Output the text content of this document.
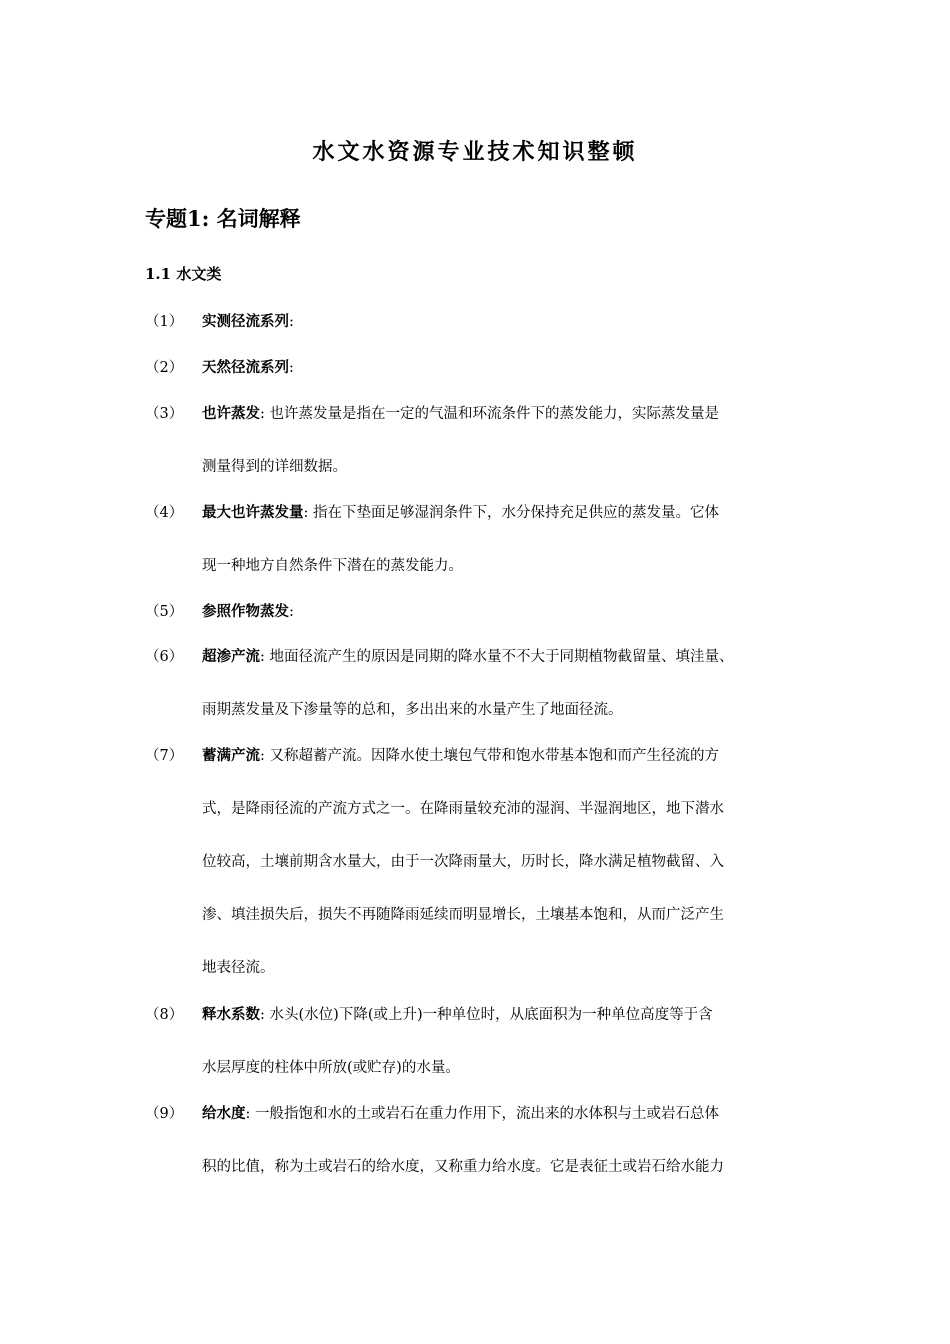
水文水资源专业技术知识整顿
专题1: 名词解释
1.1 水文类
（1）	实测径流系列:
（2）	天然径流系列:
（3）	也许蒸发: 也许蒸发量是指在一定的气温和环流条件下的蒸发能力，实际蒸发量是
测量得到的详细数据。
（4）	最大也许蒸发量: 指在下垫面足够湿润条件下，水分保持充足供应的蒸发量。它体
现一种地方自然条件下潜在的蒸发能力。
（5）	参照作物蒸发:
（6）	超渗产流: 地面径流产生的原因是同期的降水量不不大于同期植物截留量、填洼量、
雨期蒸发量及下渗量等的总和，多出出来的水量产生了地面径流。
（7）	蓄满产流: 又称超蓄产流。因降水使土壤包气带和饱水带基本饱和而产生径流的方
式，是降雨径流的产流方式之一。在降雨量较充沛的湿润、半湿润地区，地下潜水
位较高，土壤前期含水量大，由于一次降雨量大，历时长，降水满足植物截留、入
渗、填洼损失后，损失不再随降雨延续而明显增长，土壤基本饱和，从而广泛产生
地表径流。
（8）	释水系数: 水头(水位)下降(或上升)一种单位时，从底面积为一种单位高度等于含
水层厚度的柱体中所放(或贮存)的水量。
（9）	给水度: 一般指饱和水的土或岩石在重力作用下，流出来的水体积与土或岩石总体
积的比值，称为土或岩石的给水度，又称重力给水度。它是表征土或岩石给水能力
